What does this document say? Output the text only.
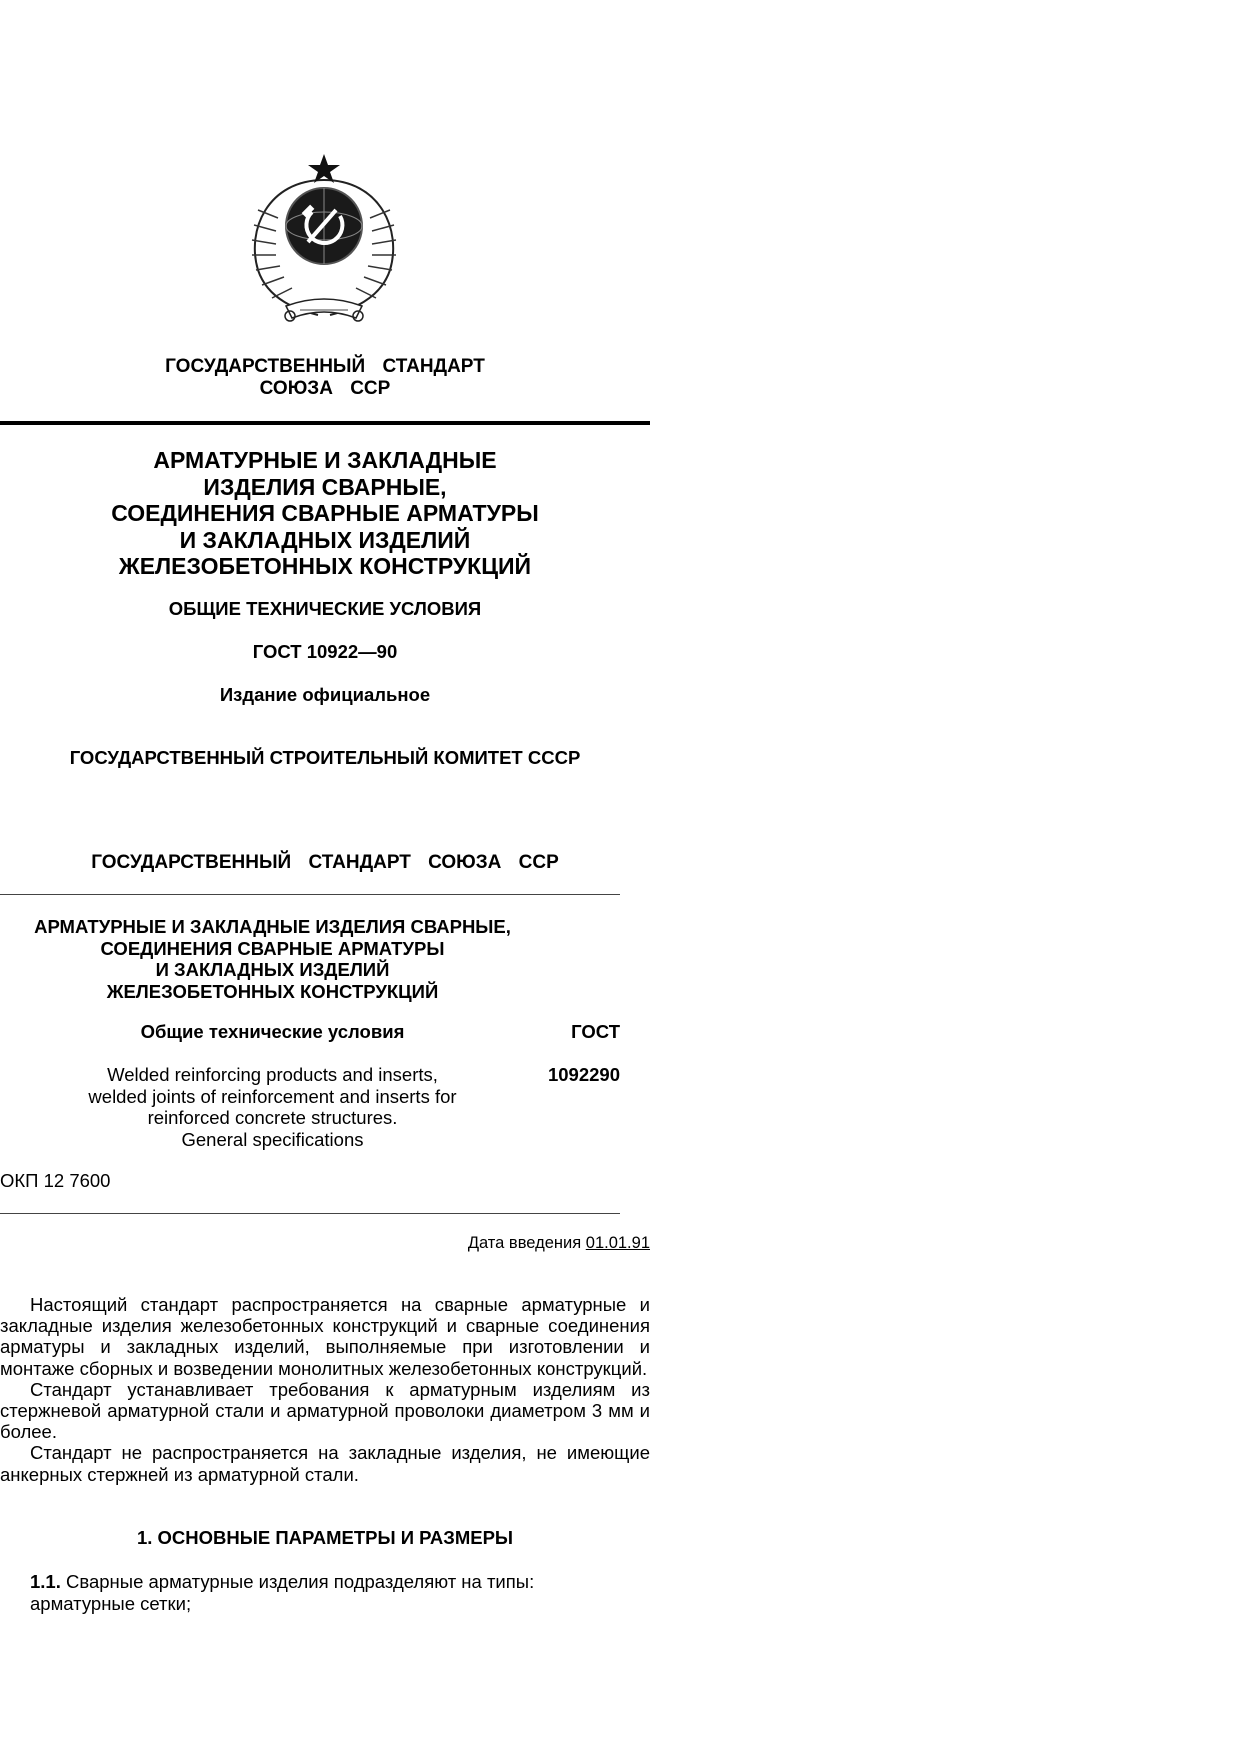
ГОСУДАРСТВЕННЫЙ СТАНДАРТ
СОЮЗА ССР
АРМАТУРНЫЕ И ЗАКЛАДНЫЕ
ИЗДЕЛИЯ СВАРНЫЕ,
СОЕДИНЕНИЯ СВАРНЫЕ АРМАТУРЫ
И ЗАКЛАДНЫХ ИЗДЕЛИЙ
ЖЕЛЕЗОБЕТОННЫХ КОНСТРУКЦИЙ
ОБЩИЕ ТЕХНИЧЕСКИЕ УСЛОВИЯ
ГОСТ 10922—90
Издание официальное
ГОСУДАРСТВЕННЫЙ СТРОИТЕЛЬНЫЙ КОМИТЕТ СССР
ГОСУДАРСТВЕННЫЙ СТАНДАРТ СОЮЗА ССР
АРМАТУРНЫЕ И ЗАКЛАДНЫЕ ИЗДЕЛИЯ СВАРНЫЕ,
СОЕДИНЕНИЯ СВАРНЫЕ АРМАТУРЫ
И ЗАКЛАДНЫХ ИЗДЕЛИЙ
ЖЕЛЕЗОБЕТОННЫХ КОНСТРУКЦИЙ
Общие технические условия	ГОСТ
1092290
Welded reinforcing products and inserts,
welded joints of reinforcement and inserts for
reinforced concrete structures.
General specifications
ОКП 12 7600
Дата введения 01.01.91

Настоящий стандарт распространяется на сварные арматурные и закладные изделия железобетонных конструкций и сварные соединения арматуры и закладных изделий, выполняемые при изготовлении и монтаже сборных и возведении монолитных железобетонных конструкций.

Стандарт устанавливает требования к арматурным изделиям из стержневой арматурной стали и арматурной проволоки диаметром 3 мм и более.

Стандарт не распространяется на закладные изделия, не имеющие анкерных стержней из арматурной стали.

1. ОСНОВНЫЕ ПАРАМЕТРЫ И РАЗМЕРЫ
1.1. Сварные арматурные изделия подразделяют на типы:
арматурные сетки;
